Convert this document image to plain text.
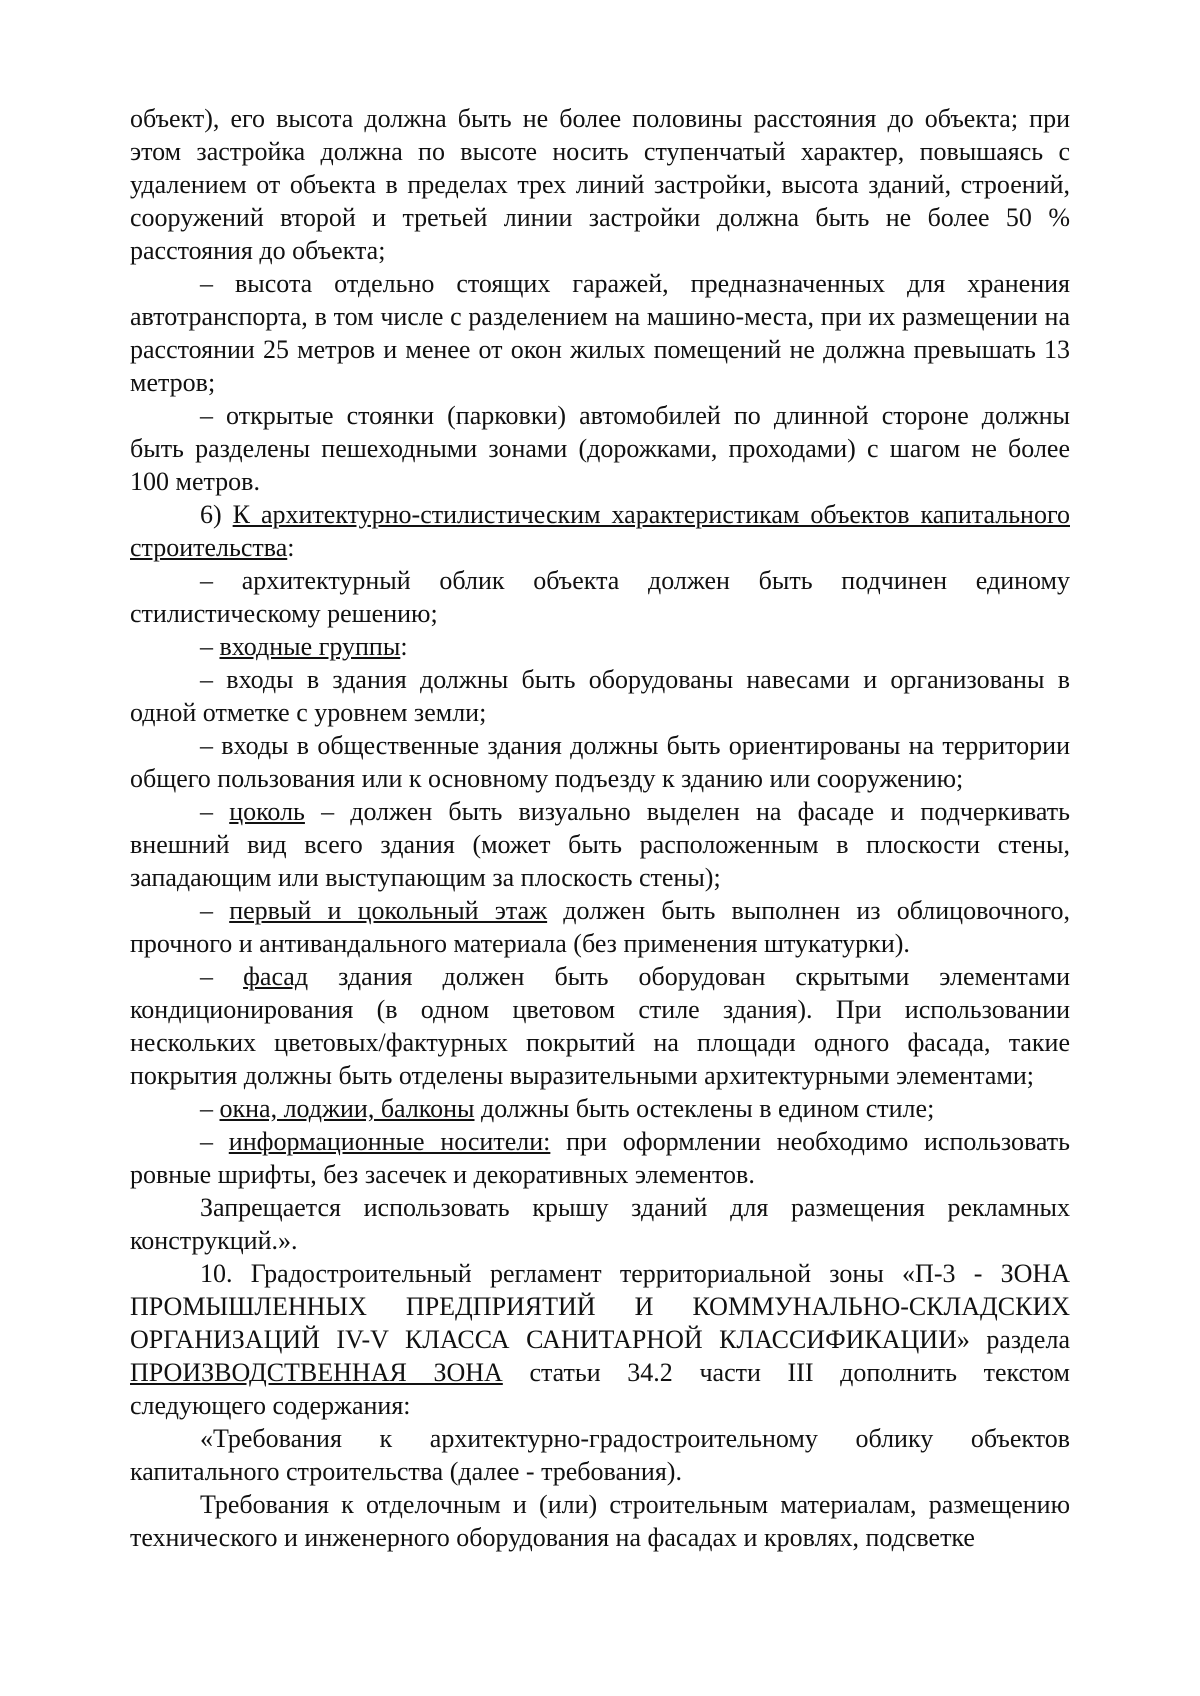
объект), его высота должна быть не более половины расстояния до объекта; при этом застройка должна по высоте носить ступенчатый характер, повышаясь с удалением от объекта в пределах трех линий застройки, высота зданий, строений, сооружений второй и третьей линии застройки должна быть не более 50 % расстояния до объекта;

– высота отдельно стоящих гаражей, предназначенных для хранения автотранспорта, в том числе с разделением на машино-места, при их размещении на расстоянии 25 метров и менее от окон жилых помещений не должна превышать 13 метров;

– открытые стоянки (парковки) автомобилей по длинной стороне должны быть разделены пешеходными зонами (дорожками, проходами) с шагом не более 100 метров.

6) К архитектурно-стилистическим характеристикам объектов капитального строительства:

– архитектурный облик объекта должен быть подчинен единому стилистическому решению;

– входные группы:

– входы в здания должны быть оборудованы навесами и организованы в одной отметке с уровнем земли;

– входы в общественные здания должны быть ориентированы на территории общего пользования или к основному подъезду к зданию или сооружению;

– цоколь – должен быть визуально выделен на фасаде и подчеркивать внешний вид всего здания (может быть расположенным в плоскости стены, западающим или выступающим за плоскость стены);

– первый и цокольный этаж должен быть выполнен из облицовочного, прочного и антивандального материала (без применения штукатурки).

– фасад здания должен быть оборудован скрытыми элементами кондиционирования (в одном цветовом стиле здания). При использовании нескольких цветовых/фактурных покрытий на площади одного фасада, такие покрытия должны быть отделены выразительными архитектурными элементами;

– окна, лоджии, балконы должны быть остеклены в едином стиле;

– информационные носители: при оформлении необходимо использовать ровные шрифты, без засечек и декоративных элементов.

Запрещается использовать крышу зданий для размещения рекламных конструкций.».

10. Градостроительный регламент территориальной зоны «П-3 - ЗОНА ПРОМЫШЛЕННЫХ ПРЕДПРИЯТИЙ И КОММУНАЛЬНО-СКЛАДСКИХ ОРГАНИЗАЦИЙ IV-V КЛАССА САНИТАРНОЙ КЛАССИФИКАЦИИ» раздела ПРОИЗВОДСТВЕННАЯ ЗОНА статьи 34.2 части III дополнить текстом следующего содержания:

«Требования к архитектурно-градостроительному облику объектов капитального строительства (далее - требования).

Требования к отделочным и (или) строительным материалам, размещению технического и инженерного оборудования на фасадах и кровлях, подсветке
